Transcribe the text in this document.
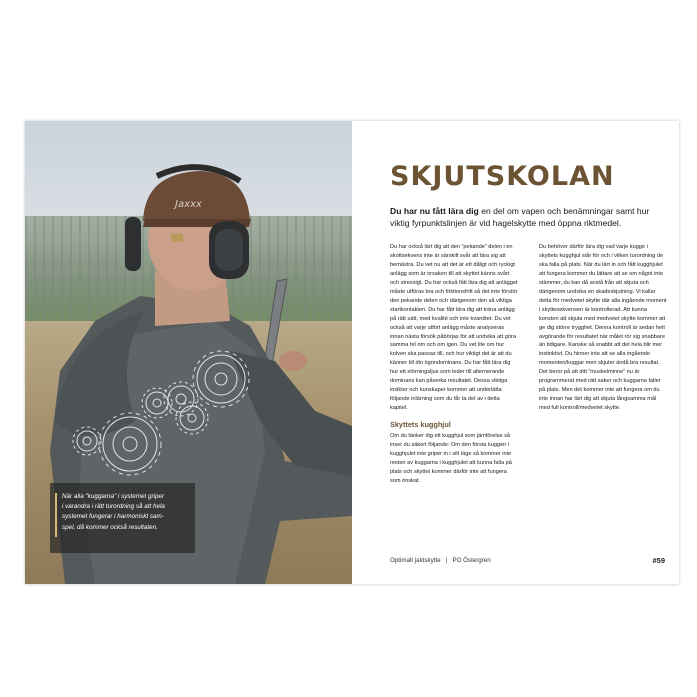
Jaxxx
När alla "kuggarna" i systemet griper
i varandra i rätt turordning så att hela
systemet fungerar i harmoniskt sam-
spel, då kommer också resultaten.
SKJUTSKOLAN
Du har nu fått lära dig en del om vapen och benämningar samt hur viktig fyrpunktslinjen är vid hagelskytte med öppna riktmedel.

Du har också lärt dig att den ”pekande” delen i en skottsekvens inte är särskilt svår att lära sig att bemästra. Du vet nu att det är ett dåligt och ryckigt anlägg som är orsaken till att skyttet känns svårt och stressigt. Du har också fått lära dig att anlägget måste utföras bra och friktionsfritt så det inte förstör den pekande delen och därigenom den så viktiga startkontakten. Du har fått lära dig att träna anlägg på rätt sätt, med kvalité och inte kvantitet. Du vet också att varje utfört anlägg måste analyseras innan nästa försök påbörjas för att undvika att göra samma fel om och om igen. Du vet lite om hur kolven ska passas till, och hur viktigt det är att du känner till din ögondominans. Du har fått lära dig hur ett störningsljus som leder till alternerande dominans kan påverka resultatet. Dessa viktiga insikter och kunskaper kommer att underlätta följande inlärning som du får ta del av i detta kapitel.

Skyttets kugghjul

Om du tänker dig ett kugghjul som jämförelse så inser du säkert följande: Om den första kuggen i kugghjulet inte griper in i sitt läge så kommer inte resten av kuggarna i kugghjulet att kunna falla på plats och skyttet kommer därför inte att fungera som önskat.

Du behöver därför lära dig vad varje kugge i skyttets kugghjul står för och i vilken turordning de ska falla på plats. När du lärt in och fått kugghjulet att fungera kommer du lättare att se om något inte stämmer, du kan då avstå från att skjuta och därigenom undvika en skadeskjutning. Vi kallar detta för medvetet skytte där alla ingående moment i skyttesekvensen är kontrollerad. Att kunna konsten att skjuta med medvetet skytte kommer att ge dig större trygghet. Denna kontroll är sedan helt avgörande för resultatet när målet rör sig snabbare än tidigare. Kanske så snabbt att det hela blir mer instinktivt. Du hinner inte att se alla ingående momenten/kuggar men skjuter ändå bra resultat. Det beror på att ditt ”muskelminne” nu är programmerat med rätt saker och kuggarna faller på plats. Men det kommer inte att fungera om du inte innan har lärt dig att skjuta långsamma mål med full kontroll/medvetet skytte.

Optimalt jaktskytte | PO Östergren	#59
